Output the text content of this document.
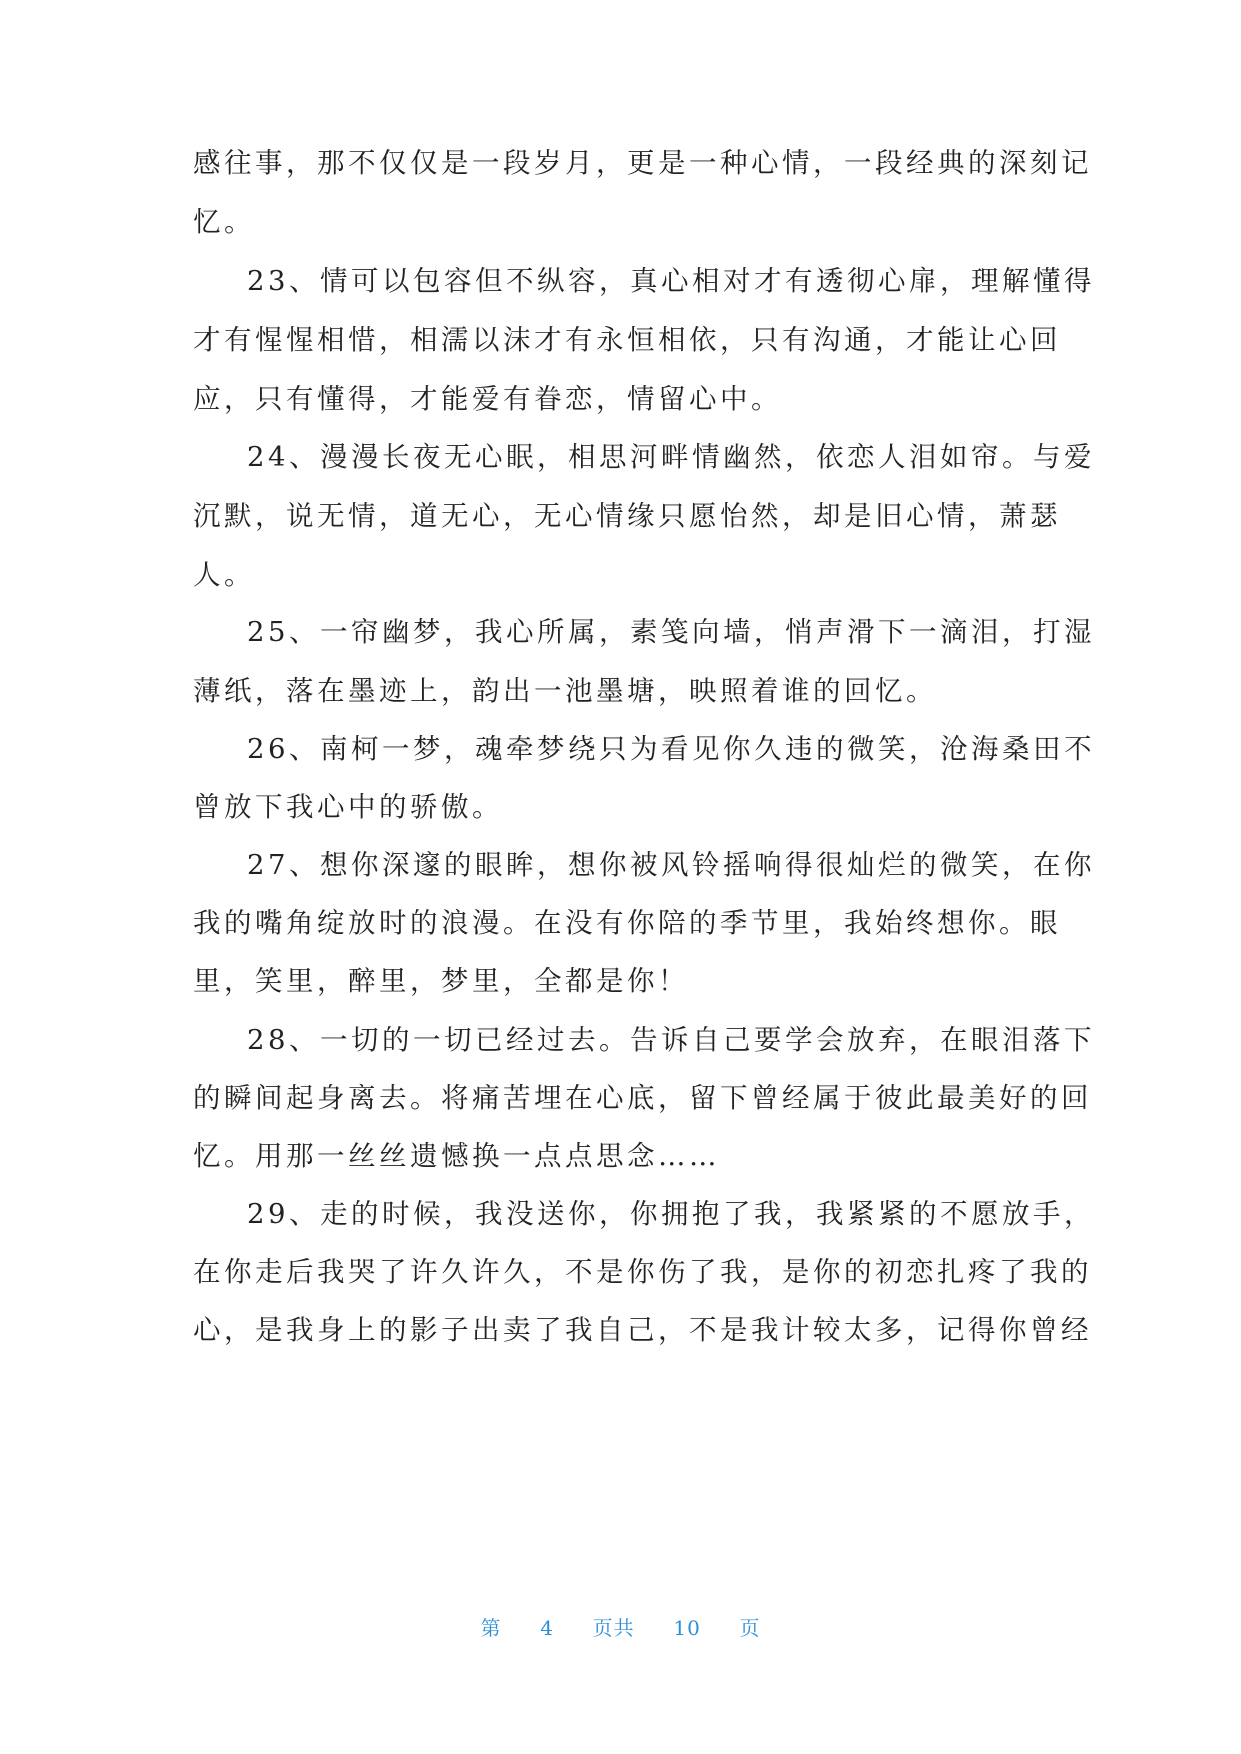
感往事，那不仅仅是一段岁月，更是一种心情，一段经典的深刻记
忆。
23、情可以包容但不纵容，真心相对才有透彻心扉，理解懂得
才有惺惺相惜，相濡以沫才有永恒相依，只有沟通，才能让心回
应，只有懂得，才能爱有眷恋，情留心中。
24、漫漫长夜无心眠，相思河畔情幽然，依恋人泪如帘。与爱
沉默，说无情，道无心，无心情缘只愿怡然，却是旧心情，萧瑟
人。
25、一帘幽梦，我心所属，素笺向墙，悄声滑下一滴泪，打湿
薄纸，落在墨迹上，韵出一池墨塘，映照着谁的回忆。
26、南柯一梦，魂牵梦绕只为看见你久违的微笑，沧海桑田不
曾放下我心中的骄傲。
27、想你深邃的眼眸，想你被风铃摇响得很灿烂的微笑，在你
我的嘴角绽放时的浪漫。在没有你陪的季节里，我始终想你。眼
里，笑里，醉里，梦里，全都是你！
28、一切的一切已经过去。告诉自己要学会放弃，在眼泪落下
的瞬间起身离去。将痛苦埋在心底，留下曾经属于彼此最美好的回
忆。用那一丝丝遗憾换一点点思念……
29、走的时候，我没送你，你拥抱了我，我紧紧的不愿放手，
在你走后我哭了许久许久，不是你伤了我，是你的初恋扎疼了我的
心，是我身上的影子出卖了我自己，不是我计较太多，记得你曾经
第 4 页共 10 页
